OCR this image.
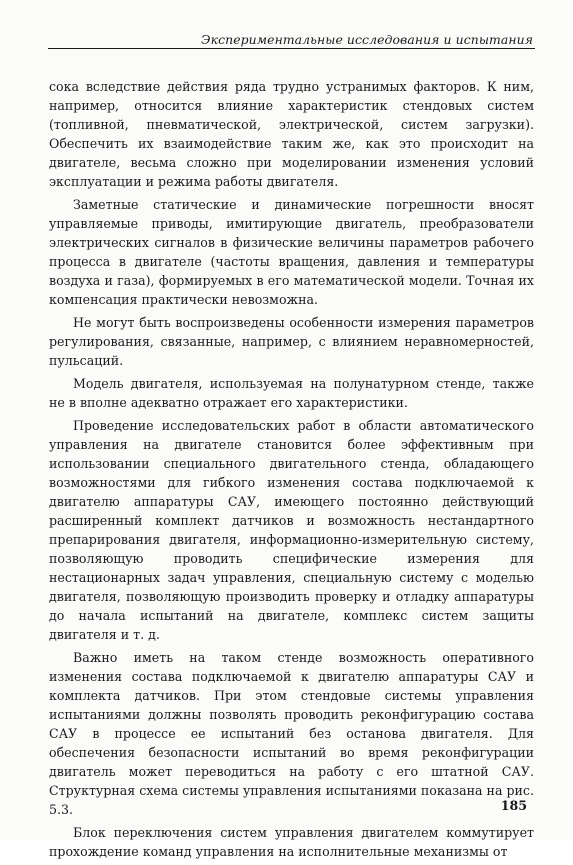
Экспериментальные исследования и испытания

сока вследствие действия ряда трудно устранимых факторов. К ним, например, относится влияние характеристик стендовых систем (топливной, пневматической, электрической, систем загрузки). Обеспечить их взаимодействие таким же, как это происходит на двигателе, весьма сложно при моделировании изменения условий эксплуатации и режима работы двигателя.

Заметные статические и динамические погрешности вносят управляемые приводы, имитирующие двигатель, преобразователи электрических сигналов в физические величины параметров рабочего процесса в двигателе (частоты вращения, давления и температуры воздуха и газа), формируемых в его математической модели. Точная их компенсация практически невозможна.

Не могут быть воспроизведены особенности измерения параметров регулирования, связанные, например, с влиянием неравномерностей, пульсаций.

Модель двигателя, используемая на полунатурном стенде, также не в вполне адекватно отражает его характеристики.

Проведение исследовательских работ в области автоматического управления на двигателе становится более эффективным при использовании специального двигательного стенда, обладающего возможностями для гибкого изменения состава подключаемой к двигателю аппаратуры САУ, имеющего постоянно действующий расширенный комплект датчиков и возможность нестандартного препарирования двигателя, информационно-измерительную систему, позволяющую проводить специфические измерения для нестационарных задач управления, специальную систему с моделью двигателя, позволяющую производить проверку и отладку аппаратуры до начала испытаний на двигателе, комплекс систем защиты двигателя и т. д.

Важно иметь на таком стенде возможность оперативного изменения состава подключаемой к двигателю аппаратуры САУ и комплекта датчиков. При этом стендовые системы управления испытаниями должны позволять проводить реконфигурацию состава САУ в процессе ее испытаний без останова двигателя. Для обеспечения безопасности испытаний во время реконфигурации двигатель может переводиться на работу с его штатной САУ. Структурная схема системы управления испытаниями показана на рис. 5.3.

Блок переключения систем управления двигателем коммутирует прохождение команд управления на исполнительные механизмы от

185
